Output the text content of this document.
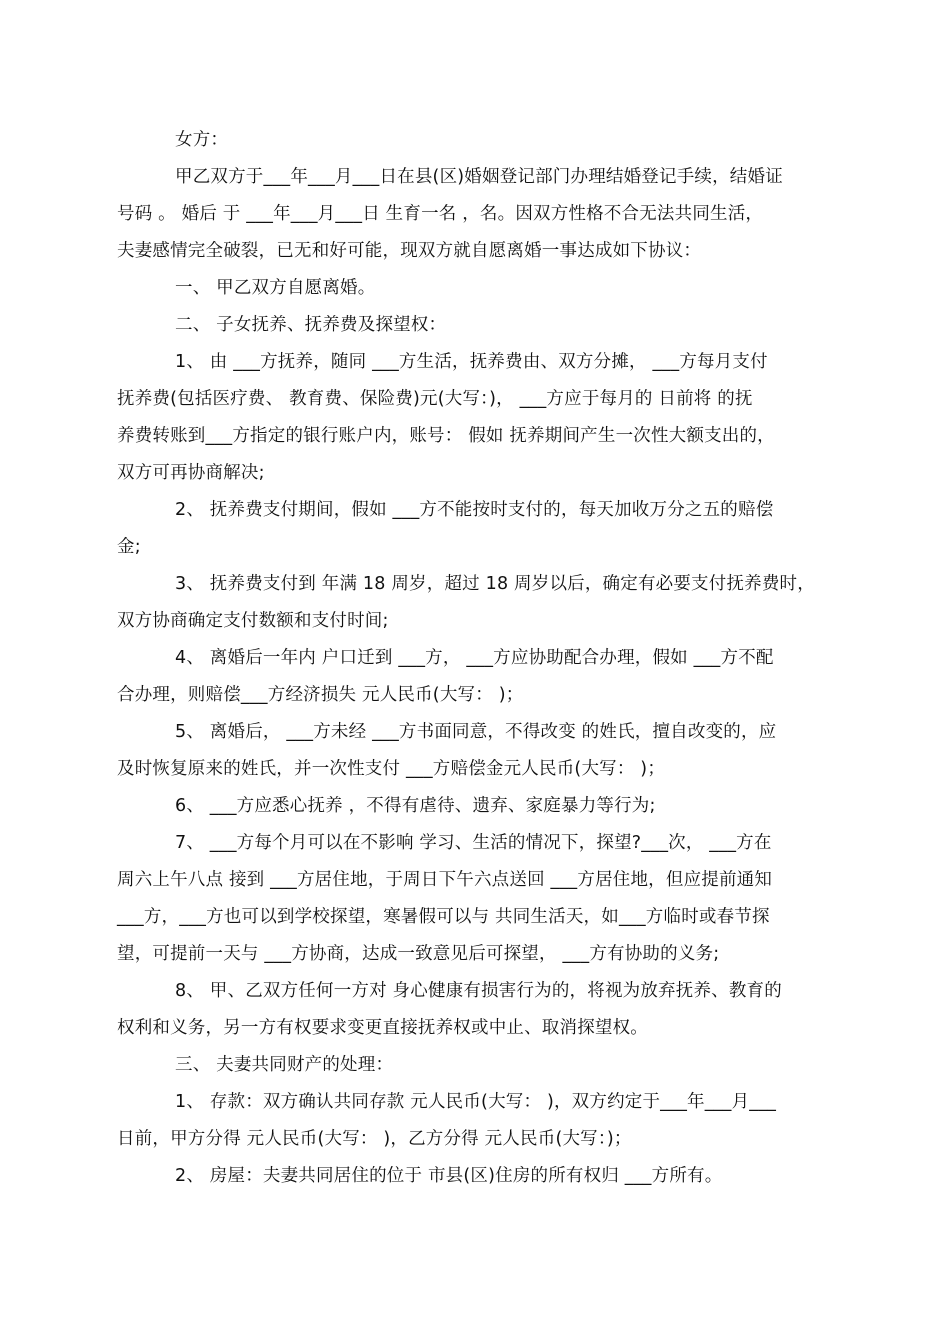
女方：

甲乙双方于___年___月___日在县(区)婚姻登记部门办理结婚登记手续，结婚证
号码 。 婚后 于 ___年___月___日 生育一名 ，名。因双方性格不合无法共同生活，
夫妻感情完全破裂，已无和好可能，现双方就自愿离婚一事达成如下协议：

一、 甲乙双方自愿离婚。

二、 子女抚养、抚养费及探望权：

1、 由 ___方抚养，随同 ___方生活，抚养费由、双方分摊， ___方每月支付
抚养费(包括医疗费、 教育费、保险费)元(大写：)， ___方应于每月的 日前将 的抚
养费转账到___方指定的银行账户内，账号： 假如 抚养期间产生一次性大额支出的，
双方可再协商解决;

2、 抚养费支付期间，假如 ___方不能按时支付的，每天加收万分之五的赔偿
金;

3、 抚养费支付到 年满 18 周岁，超过 18 周岁以后，确定有必要支付抚养费时，
双方协商确定支付数额和支付时间;

4、 离婚后一年内 户口迁到 ___方， ___方应协助配合办理，假如 ___方不配
合办理，则赔偿___方经济损失 元人民币(大写： )；

5、 离婚后， ___方未经 ___方书面同意，不得改变 的姓氏，擅自改变的，应
及时恢复原来的姓氏，并一次性支付 ___方赔偿金元人民币(大写： )；

6、 ___方应悉心抚养 ，不得有虐待、遗弃、家庭暴力等行为;

7、 ___方每个月可以在不影响 学习、生活的情况下，探望?___次， ___方在
周六上午八点 接到 ___方居住地，于周日下午六点送回 ___方居住地，但应提前通知
___方，___方也可以到学校探望，寒暑假可以与 共同生活天，如___方临时或春节探
望，可提前一天与 ___方协商，达成一致意见后可探望， ___方有协助的义务;

8、 甲、乙双方任何一方对 身心健康有损害行为的，将视为放弃抚养、教育的
权利和义务，另一方有权要求变更直接抚养权或中止、取消探望权。

三、 夫妻共同财产的处理：

1、 存款：双方确认共同存款 元人民币(大写： )，双方约定于___年___月___
日前，甲方分得 元人民币(大写： )，乙方分得 元人民币(大写：)；

2、 房屋：夫妻共同居住的位于 市县(区)住房的所有权归 ___方所有。
